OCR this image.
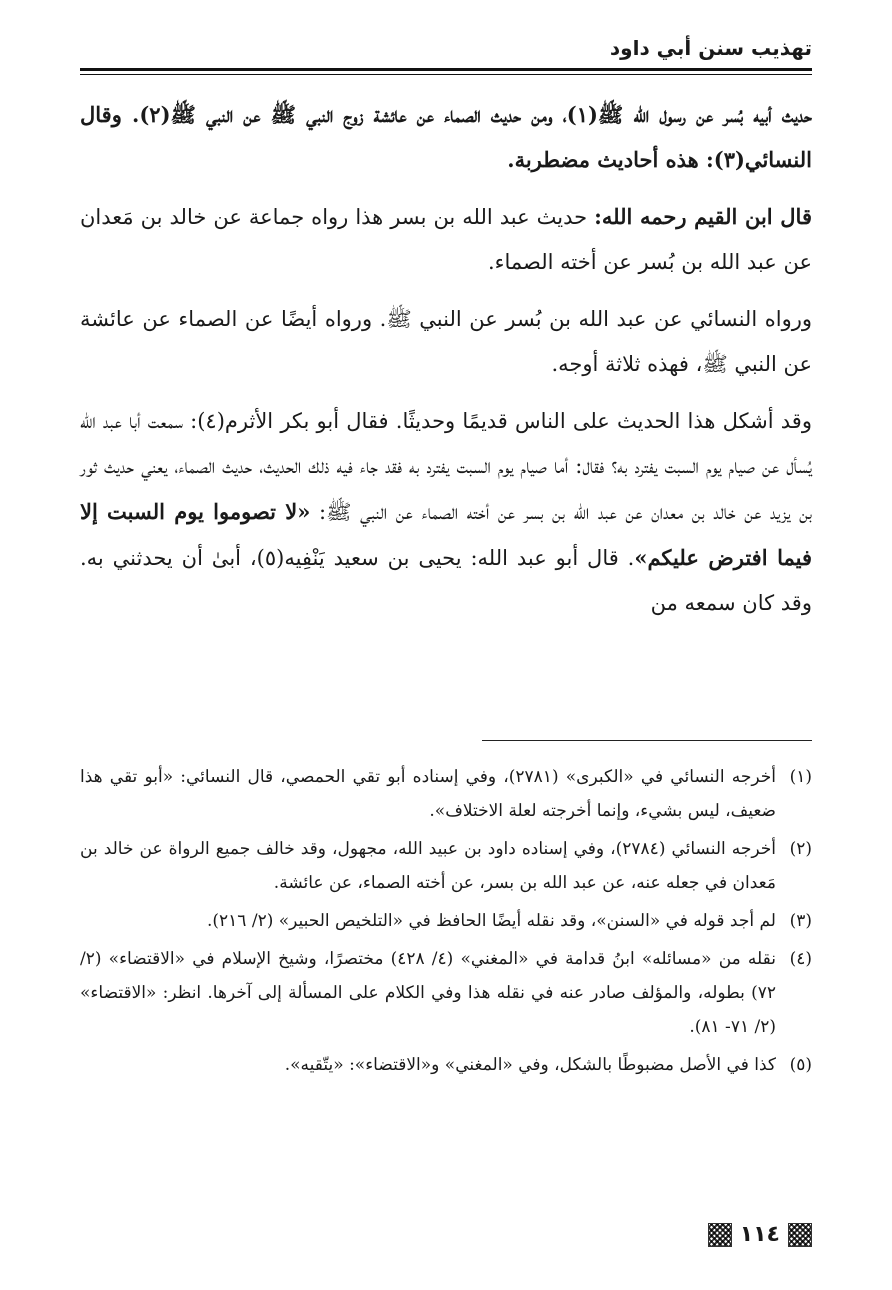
تهذيب سنن أبي داود

حديث أبيه بُسر عن رسول الله ﷺ(١)، ومن حديث الصماء عن عائشة زوج النبي ﷺ عن النبي ﷺ(٢). وقال النسائي(٣): هذه أحاديث مضطربة.

قال ابن القيم رحمه الله: حديث عبد الله بن بسر هذا رواه جماعة عن خالد بن مَعدان عن عبد الله بن بُسر عن أخته الصماء.

ورواه النسائي عن عبد الله بن بُسر عن النبي ﷺ. ورواه أيضًا عن الصماء عن عائشة عن النبي ﷺ، فهذه ثلاثة أوجه.

وقد أشكل هذا الحديث على الناس قديمًا وحديثًا. فقال أبو بكر الأثرم(٤): سمعت أبا عبد الله يُسأل عن صيام يوم السبت يفترد به؟ فقال: أما صيام يوم السبت يفترد به فقد جاء فيه ذلك الحديث، حديث الصماء، يعني حديث ثور بن يزيد عن خالد بن معدان عن عبد الله بن بسر عن أخته الصماء عن النبي ﷺ: «لا تصوموا يوم السبت إلا فيما افترض عليكم». قال أبو عبد الله: يحيى بن سعيد يَنْفِيه(٥)، أبىٰ أن يحدثني به. وقد كان سمعه من

(١)
أخرجه النسائي في «الكبرى» (٢٧٨١)، وفي إسناده أبو تقي الحمصي، قال النسائي: «أبو تقي هذا ضعيف، ليس بشيء، وإنما أخرجته لعلة الاختلاف».
(٢)
أخرجه النسائي (٢٧٨٤)، وفي إسناده داود بن عبيد الله، مجهول، وقد خالف جميع الرواة عن خالد بن مَعدان في جعله عنه، عن عبد الله بن بسر، عن أخته الصماء، عن عائشة.
(٣)
لم أجد قوله في «السنن»، وقد نقله أيضًا الحافظ في «التلخيص الحبير» (٢/ ٢١٦).
(٤)
نقله من «مسائله» ابنُ قدامة في «المغني» (٤/ ٤٢٨) مختصرًا، وشيخ الإسلام في «الاقتضاء» (٢/ ٧٢) بطوله، والمؤلف صادر عنه في نقله هذا وفي الكلام على المسألة إلى آخرها. انظر: «الاقتضاء» (٢/ ٧١- ٨١).
(٥)
كذا في الأصل مضبوطًا بالشكل، وفي «المغني» و«الاقتضاء»: «يتّقيه».
١١٤
